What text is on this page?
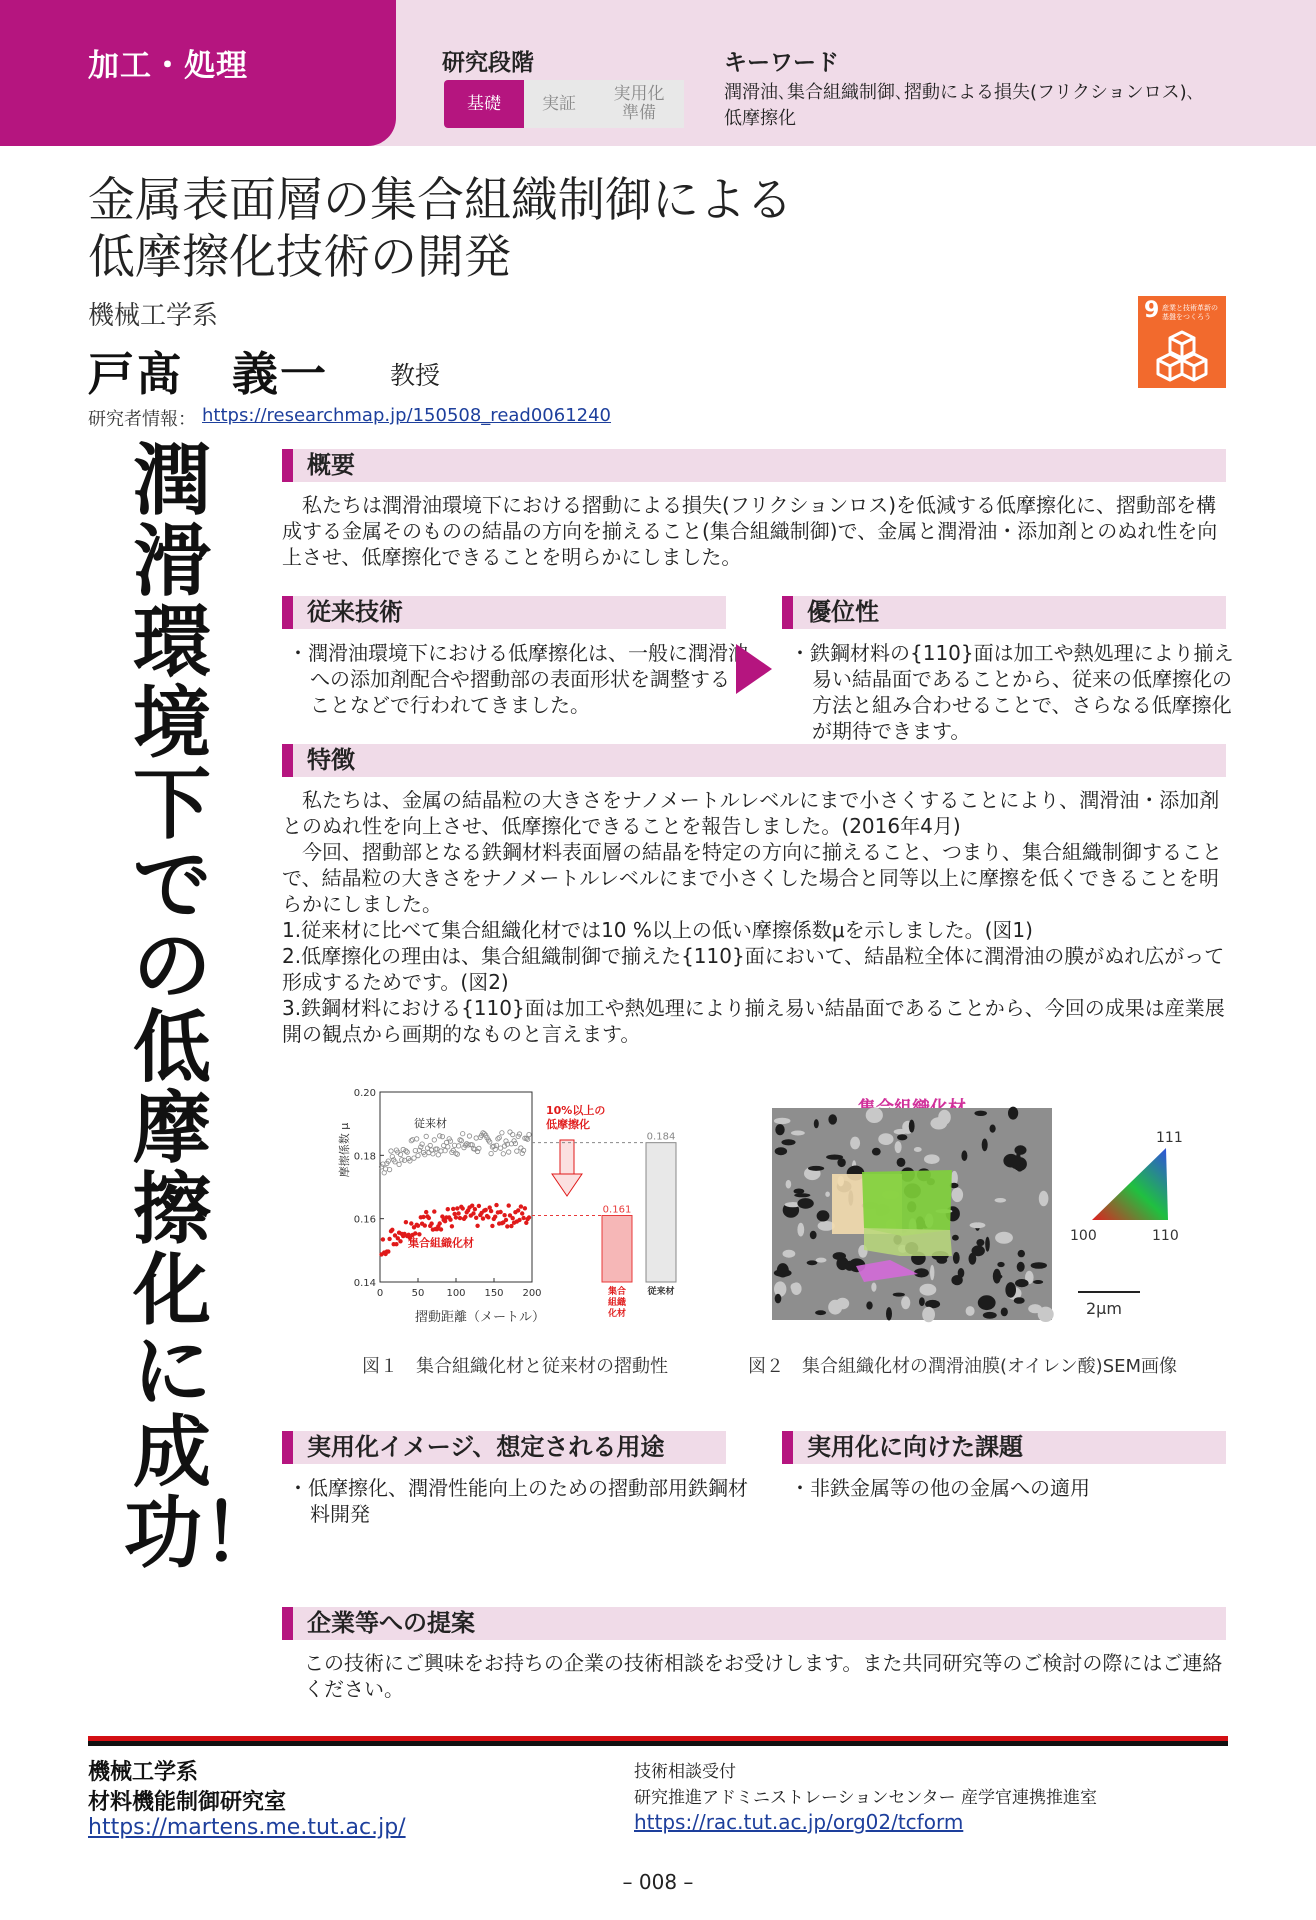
加工・処理	研究段階
基礎	実証	実用化
準備
キーワード
潤滑油､集合組織制御､摺動による損失(フリクションロス)､
低摩擦化
金属表面層の集合組織制御による
低摩擦化技術の開発
機械工学系
戸髙　義一 教授
研究者情報： https://researchmap.jp/150508_read0061240
9 産業と技術革新の基盤をつくろう
潤滑環境下での低摩擦化に成功！
概要
　私たちは潤滑油環境下における摺動による損失(フリクションロス)を低減する低摩擦化に、摺動部を構成する金属そのものの結晶の方向を揃えること(集合組織制御)で、金属と潤滑油・添加剤とのぬれ性を向上させ、低摩擦化できることを明らかにしました。
従来技術
・潤滑油環境下における低摩擦化は、一般に潤滑油への添加剤配合や摺動部の表面形状を調整することなどで行われてきました。
優位性
・鉄鋼材料の{110}面は加工や熱処理により揃え易い結晶面であることから、従来の低摩擦化の方法と組み合わせることで、さらなる低摩擦化が期待できます。
特徴
　私たちは、金属の結晶粒の大きさをナノメートルレベルにまで小さくすることにより、潤滑油・添加剤とのぬれ性を向上させ、低摩擦化できることを報告しました。(2016年4月)
　今回、摺動部となる鉄鋼材料表面層の結晶を特定の方向に揃えること、つまり、集合組織制御することで、結晶粒の大きさをナノメートルレベルにまで小さくした場合と同等以上に摩擦を低くできることを明らかにしました。
1.従来材に比べて集合組織化材では10 %以上の低い摩擦係数μを示しました。(図1)
2.低摩擦化の理由は、集合組織制御で揃えた{110}面において、結晶粒全体に潤滑油の膜がぬれ広がって形成するためです。(図2)
3.鉄鋼材料における{110}面は加工や熱処理により揃え易い結晶面であることから、今回の成果は産業展開の観点から画期的なものと言えます。
0.14
0.16
0.18
0.20
0	50 100 150 200
従来材
集合組織化材
10%以上の
低摩擦化
0.161
集合
組織
化材
0.184
従来材
摩擦係数 μ
摺動距離（メートル）
111
100	110
2μm
図１　集合組織化材と従来材の摺動性	図２　集合組織化材の潤滑油膜(オイレン酸)SEM画像
実用化イメージ、想定される用途
・低摩擦化、潤滑性能向上のための摺動部用鉄鋼材料開発
実用化に向けた課題
・非鉄金属等の他の金属への適用
企業等への提案
この技術にご興味をお持ちの企業の技術相談をお受けします。また共同研究等のご検討の際にはご連絡ください。
機械工学系
材料機能制御研究室
https://martens.me.tut.ac.jp/
技術相談受付
研究推進アドミニストレーションセンター 産学官連携推進室
https://rac.tut.ac.jp/org02/tcform
– 008 –
